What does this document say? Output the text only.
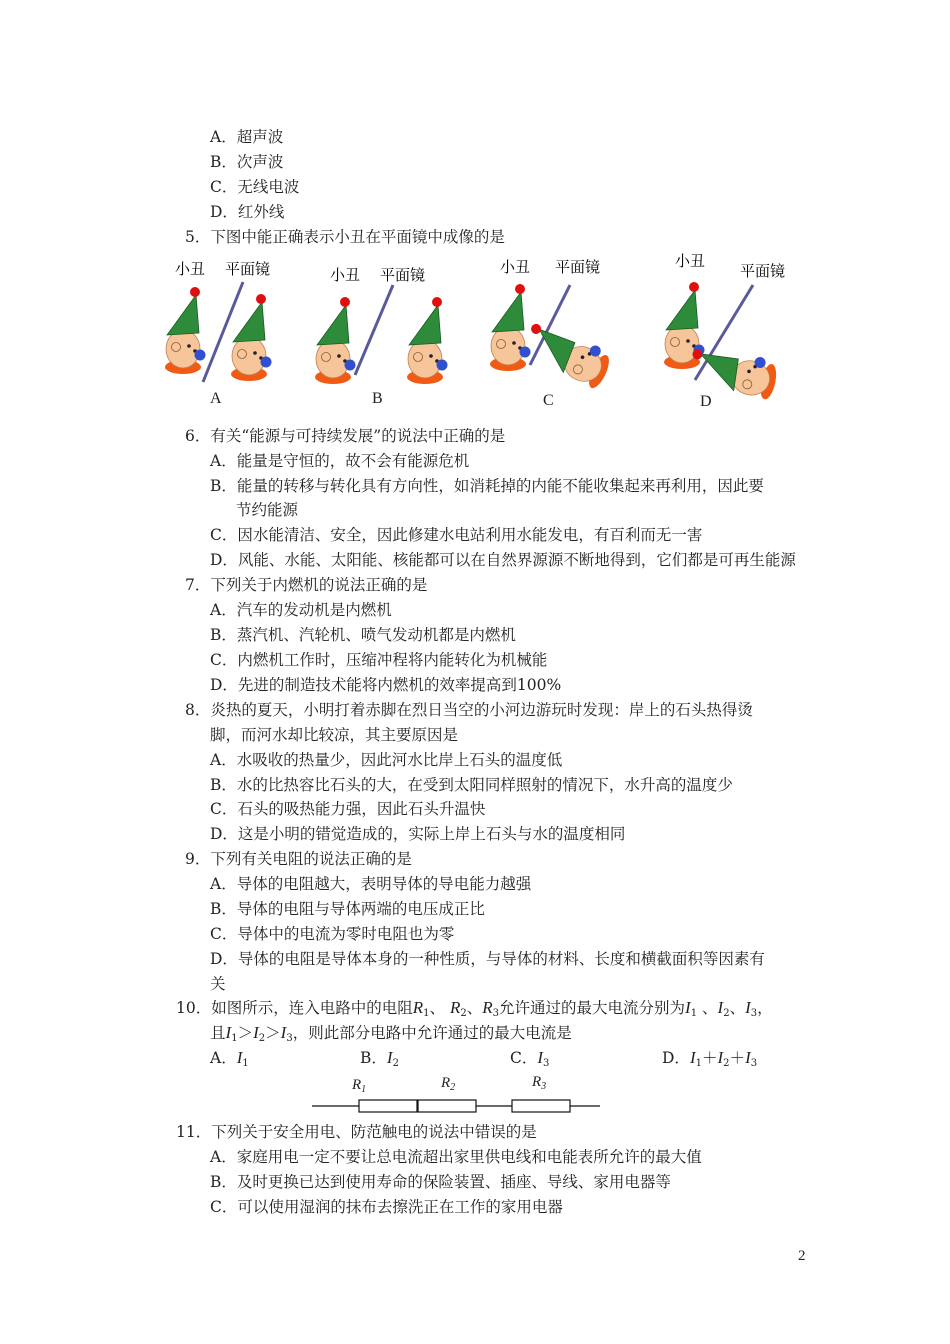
A．超声波
B．次声波
C．无线电波
D．红外线
5．下图中能正确表示小丑在平面镜中成像的是
小丑 平面镜	小丑 平面镜	小丑 平面镜	小丑
平面镜
A	B	C	D
6．有关“能源与可持续发展”的说法中正确的是
A．能量是守恒的，故不会有能源危机
B．能量的转移与转化具有方向性，如消耗掉的内能不能收集起来再利用，因此要
节约能源
C．因水能清洁、安全，因此修建水电站利用水能发电，有百利而无一害
D．风能、水能、太阳能、核能都可以在自然界源源不断地得到，它们都是可再生能源
7．下列关于内燃机的说法正确的是
A．汽车的发动机是内燃机
B．蒸汽机、汽轮机、喷气发动机都是内燃机
C．内燃机工作时，压缩冲程将内能转化为机械能
D．先进的制造技术能将内燃机的效率提高到100%
8．炎热的夏天，小明打着赤脚在烈日当空的小河边游玩时发现：岸上的石头热得烫
脚，而河水却比较凉，其主要原因是
A．水吸收的热量少，因此河水比岸上石头的温度低
B．水的比热容比石头的大，在受到太阳同样照射的情况下，水升高的温度少
C．石头的吸热能力强，因此石头升温快
D．这是小明的错觉造成的，实际上岸上石头与水的温度相同
9．下列有关电阻的说法正确的是
A．导体的电阻越大，表明导体的导电能力越强
B．导体的电阻与导体两端的电压成正比
C．导体中的电流为零时电阻也为零
D．导体的电阻是导体本身的一种性质，与导体的材料、长度和横截面积等因素有
关
10．如图所示，连入电路中的电阻$R_1$、 $R_2$、$R_3$允许通过的最大电流分别为$I_1$ 、$I_2$、$I_3$，
且$I_1>I_2>I_3$，则此部分电路中允许通过的最大电流是
A．$I_1$	B．$I_2$	C．$I_3$	D．$I_1+I_2+I_3$
$R_1$	$R_2$	$R_3$
11．下列关于安全用电、防范触电的说法中错误的是
A．家庭用电一定不要让总电流超出家里供电线和电能表所允许的最大值
B．及时更换已达到使用寿命的保险装置、插座、导线、家用电器等
C．可以使用湿润的抹布去擦洗正在工作的家用电器
2
